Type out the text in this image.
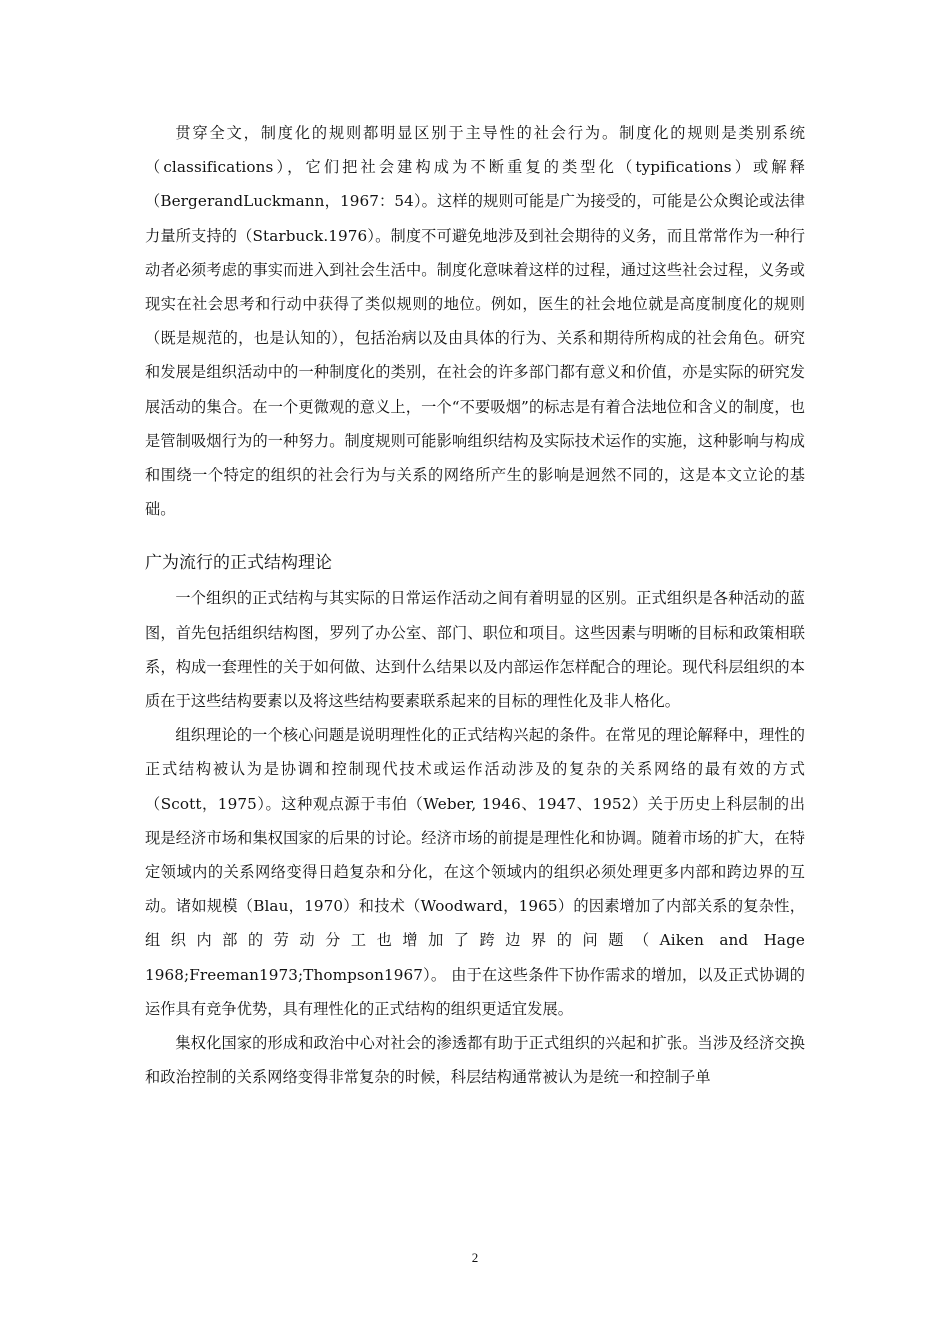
贯穿全文，制度化的规则都明显区别于主导性的社会行为。制度化的规则是类别系统（classifications），它们把社会建构成为不断重复的类型化（typifications）或解释（BergerandLuckmann，1967：54）。这样的规则可能是广为接受的，可能是公众舆论或法律力量所支持的（Starbuck.1976）。制度不可避免地涉及到社会期待的义务，而且常常作为一种行动者必须考虑的事实而进入到社会生活中。制度化意味着这样的过程，通过这些社会过程，义务或现实在社会思考和行动中获得了类似规则的地位。例如，医生的社会地位就是高度制度化的规则（既是规范的，也是认知的），包括治病以及由具体的行为、关系和期待所构成的社会角色。研究和发展是组织活动中的一种制度化的类别，在社会的许多部门都有意义和价值，亦是实际的研究发展活动的集合。在一个更微观的意义上，一个“不要吸烟”的标志是有着合法地位和含义的制度，也是管制吸烟行为的一种努力。制度规则可能影响组织结构及实际技术运作的实施，这种影响与构成和围绕一个特定的组织的社会行为与关系的网络所产生的影响是迥然不同的，这是本文立论的基础。

广为流行的正式结构理论

一个组织的正式结构与其实际的日常运作活动之间有着明显的区别。正式组织是各种活动的蓝图，首先包括组织结构图，罗列了办公室、部门、职位和项目。这些因素与明晰的目标和政策相联系，构成一套理性的关于如何做、达到什么结果以及内部运作怎样配合的理论。现代科层组织的本质在于这些结构要素以及将这些结构要素联系起来的目标的理性化及非人格化。

组织理论的一个核心问题是说明理性化的正式结构兴起的条件。在常见的理论解释中，理性的正式结构被认为是协调和控制现代技术或运作活动涉及的复杂的关系网络的最有效的方式（Scott，1975）。这种观点源于韦伯（Weber, 1946、1947、1952）关于历史上科层制的出现是经济市场和集权国家的后果的讨论。经济市场的前提是理性化和协调。随着市场的扩大，在特定领域内的关系网络变得日趋复杂和分化，在这个领域内的组织必须处理更多内部和跨边界的互动。诸如规模（Blau，1970）和技术（Woodward，1965）的因素增加了内部关系的复杂性，组织内部的劳动分工也增加了跨边界的问题（Aiken and Hage 1968;Freeman1973;Thompson1967）。 由于在这些条件下协作需求的增加，以及正式协调的运作具有竞争优势，具有理性化的正式结构的组织更适宜发展。

集权化国家的形成和政治中心对社会的渗透都有助于正式组织的兴起和扩张。当涉及经济交换和政治控制的关系网络变得非常复杂的时候，科层结构通常被认为是统一和控制子单

2
